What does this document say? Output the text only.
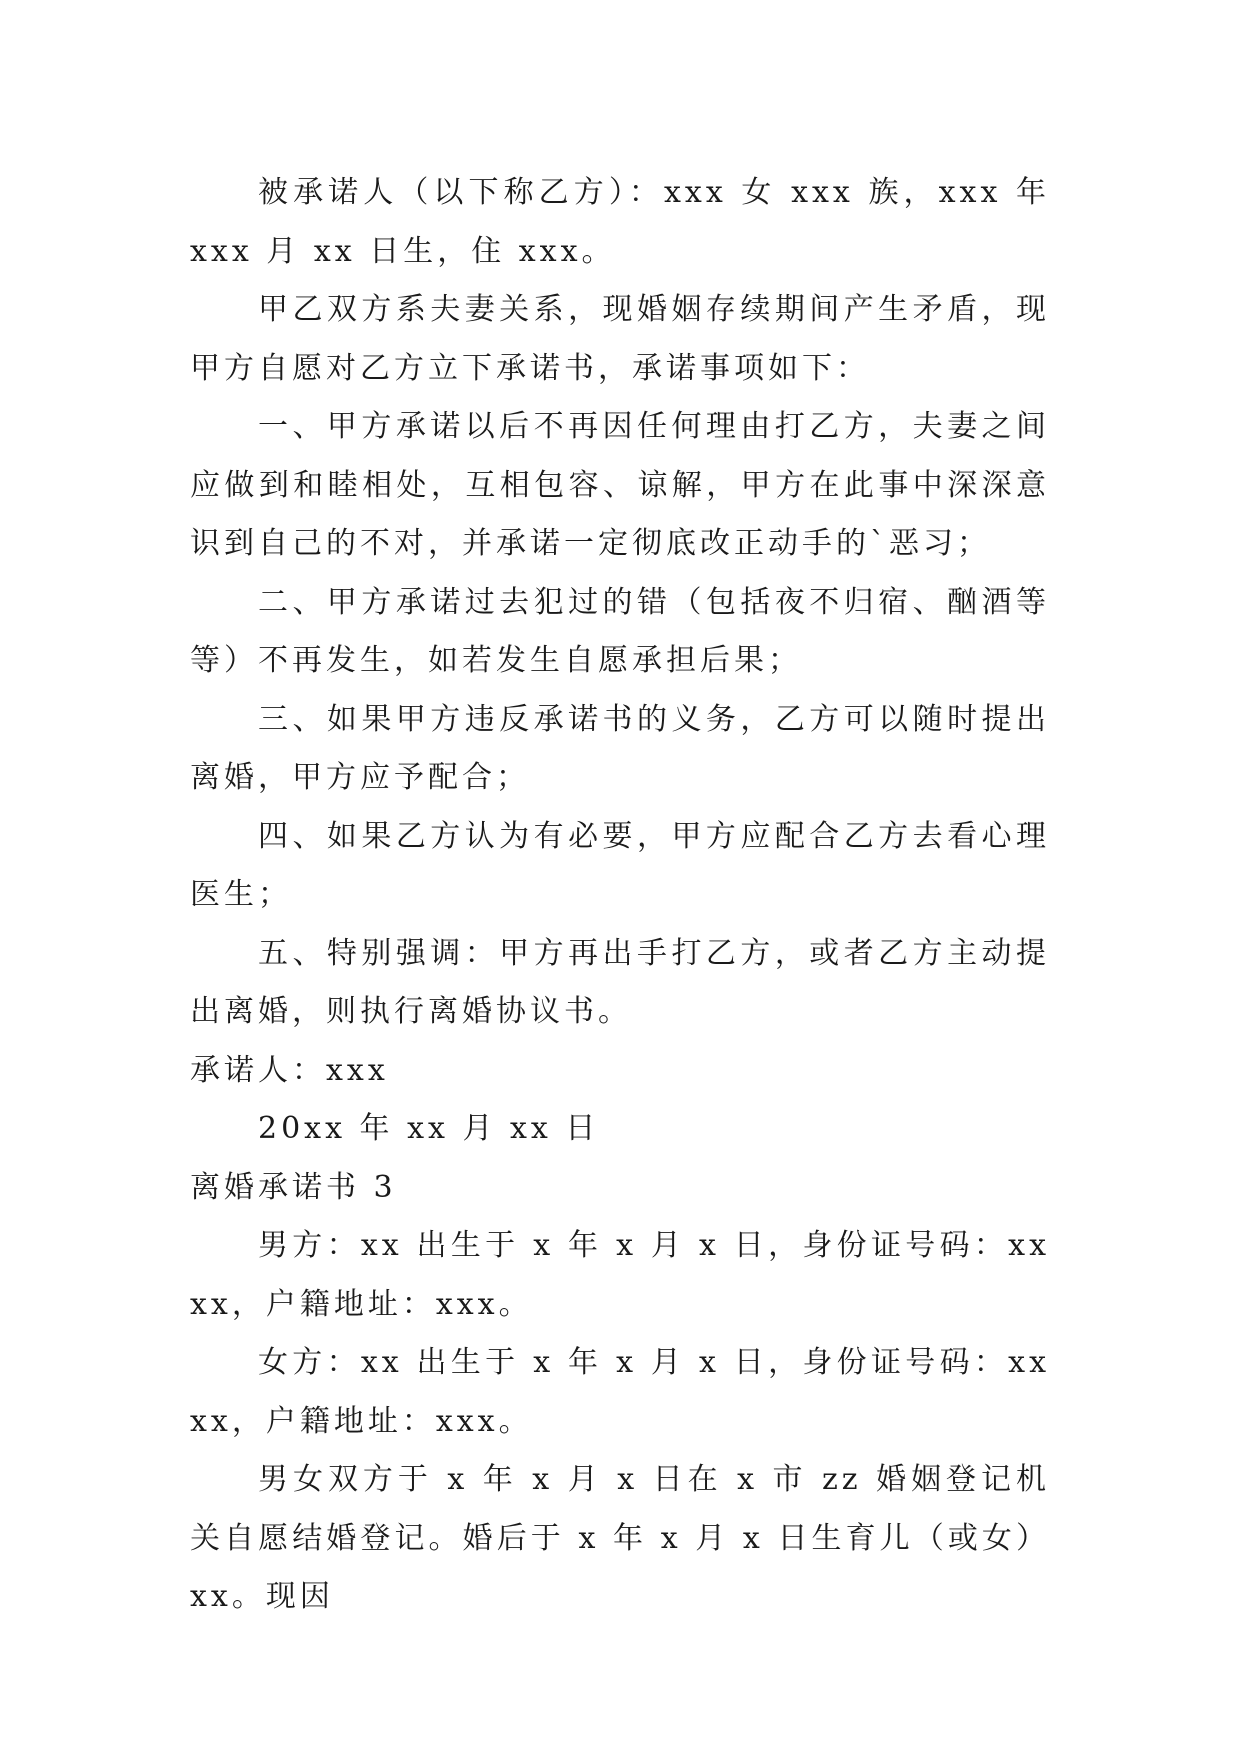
被承诺人（以下称乙方）：xxx 女 xxx 族，xxx 年 xxx 月 xx 日生，住 xxx。

甲乙双方系夫妻关系，现婚姻存续期间产生矛盾，现甲方自愿对乙方立下承诺书，承诺事项如下：

一、甲方承诺以后不再因任何理由打乙方，夫妻之间应做到和睦相处，互相包容、谅解，甲方在此事中深深意识到自己的不对，并承诺一定彻底改正动手的`恶习；

二、甲方承诺过去犯过的错（包括夜不归宿、酗酒等等）不再发生，如若发生自愿承担后果；

三、如果甲方违反承诺书的义务，乙方可以随时提出离婚，甲方应予配合；

四、如果乙方认为有必要，甲方应配合乙方去看心理医生；

五、特别强调：甲方再出手打乙方，或者乙方主动提出离婚，则执行离婚协议书。

承诺人：xxx

20xx 年 xx 月 xx 日

离婚承诺书 3

男方：xx 出生于 x 年 x 月 x 日，身份证号码：xxxx，户籍地址：xxx。

女方：xx 出生于 x 年 x 月 x 日，身份证号码：xxxx，户籍地址：xxx。

男女双方于 x 年 x 月 x 日在 x 市 zz 婚姻登记机关自愿结婚登记。婚后于 x 年 x 月 x 日生育儿（或女）xx。现因
